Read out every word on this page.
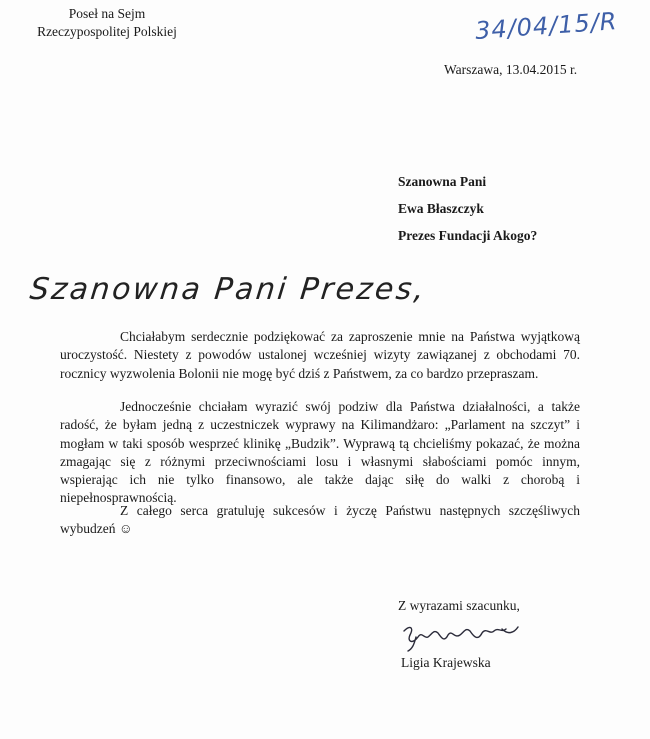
Poseł na Sejm
Rzeczypospolitej Polskiej	34/04/15/R
Warszawa, 13.04.2015 r.
Szanowna Pani
Ewa Błaszczyk
Prezes Fundacji Akogo?
Szanowna Pani Prezes,
Chciałabym serdecznie podziękować za zaproszenie mnie na Państwa wyjątkową uroczystość. Niestety z powodów ustalonej wcześniej wizyty zawiązanej z obchodami 70. rocznicy wyzwolenia Bolonii nie mogę być dziś z Państwem, za co bardzo przepraszam.
Jednocześnie chciałam wyrazić swój podziw dla Państwa działalności, a także radość, że byłam jedną z uczestniczek wyprawy na Kilimandżaro: „Parlament na szczyt” i mogłam w taki sposób wesprzeć klinikę „Budzik”. Wyprawą tą chcieliśmy pokazać, że można zmagając się z różnymi przeciwnościami losu i własnymi słabościami pomóc innym, wspierając ich nie tylko finansowo, ale także dając siłę do walki z chorobą i niepełnosprawnością.
Z całego serca gratuluję sukcesów i życzę Państwu następnych szczęśliwych wybudzeń ☺
Z wyrazami szacunku,
Ligia Krajewska
